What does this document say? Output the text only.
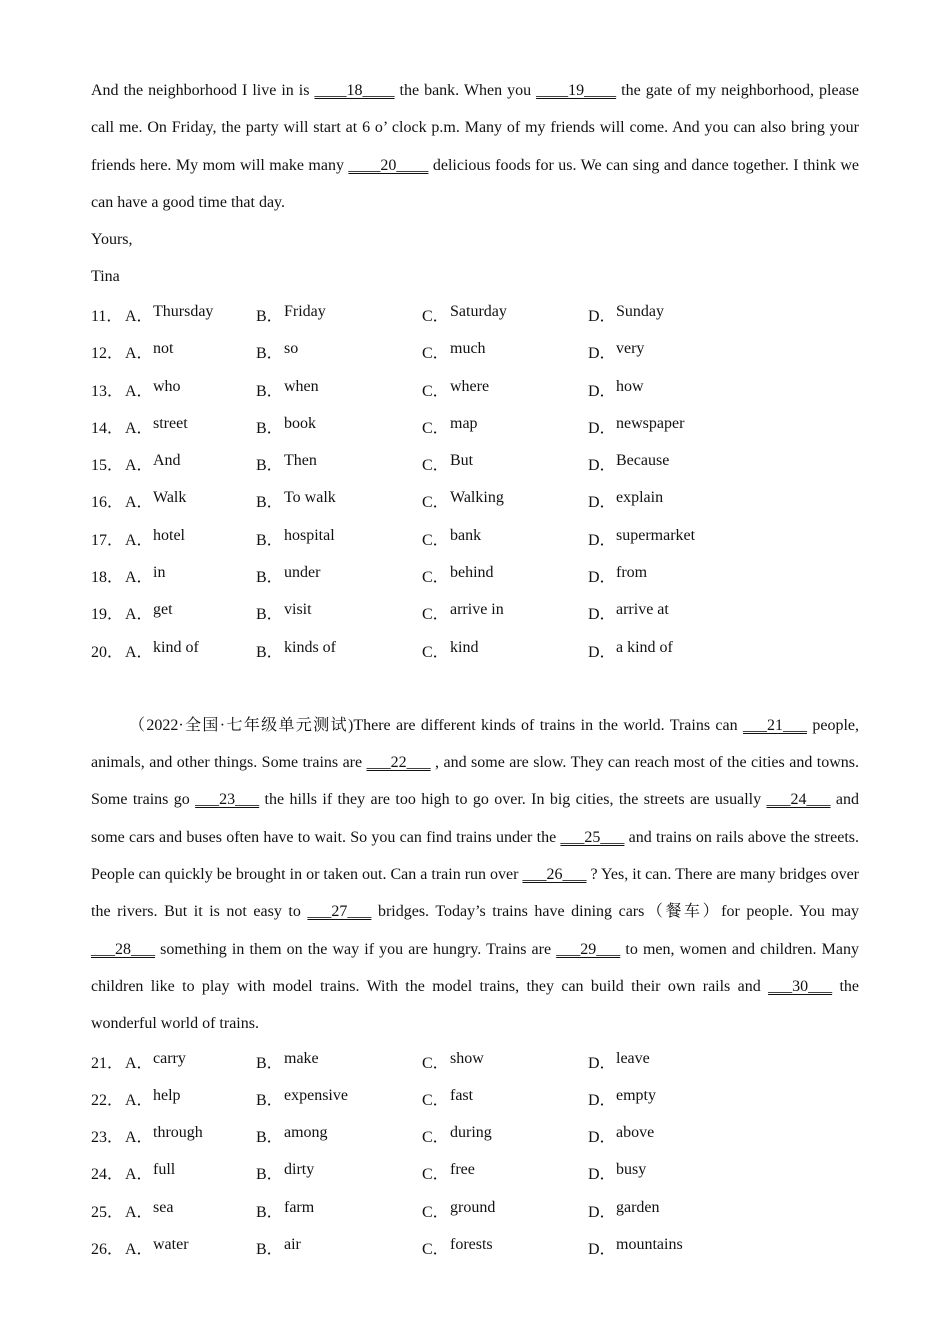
And the neighborhood I live in is ____18____ the bank. When you ____19____ the gate of my neighborhood, please call me. On Friday, the party will start at 6 o’ clock p.m. Many of my friends will come. And you can also bring your friends here. My mom will make many ____20____ delicious foods for us. We can sing and dance together. I think we can have a good time that day.

Yours,

Tina

11． A． Thursday	B． Friday	C． Saturday	D． Sunday
12． A． not	B． so	C． much	D． very
13． A． who	B． when	C． where	D． how
14． A． street	B． book	C． map	D． newspaper
15． A． And	B． Then	C． But	D． Because
16． A． Walk	B． To walk	C． Walking	D． explain
17． A． hotel	B． hospital	C． bank	D． supermarket
18． A． in	B． under	C． behind	D． from
19． A． get	B． visit	C． arrive in	D． arrive at
20． A． kind of	B． kinds of	C． kind	D． a kind of

（2022·全国·七年级单元测试)There are different kinds of trains in the world. Trains can ___21___ people, animals, and other things. Some trains are ___22___ , and some are slow. They can reach most of the cities and towns. Some trains go ___23___ the hills if they are too high to go over. In big cities, the streets are usually ___24___ and some cars and buses often have to wait. So you can find trains under the ___25___ and trains on rails above the streets. People can quickly be brought in or taken out. Can a train run over ___26___ ? Yes, it can. There are many bridges over the rivers. But it is not easy to ___27___ bridges. Today’s trains have dining cars（餐车）for people. You may ___28___ something in them on the way if you are hungry. Trains are ___29___ to men, women and children. Many children like to play with model trains. With the model trains, they can build their own rails and ___30___ the wonderful world of trains.

21． A． carry	B． make	C． show	D． leave
22． A． help	B． expensive	C． fast	D． empty
23． A． through	B． among	C． during	D． above
24． A． full	B． dirty	C． free	D． busy
25． A． sea	B． farm	C． ground	D． garden
26． A． water	B． air	C． forests	D． mountains
